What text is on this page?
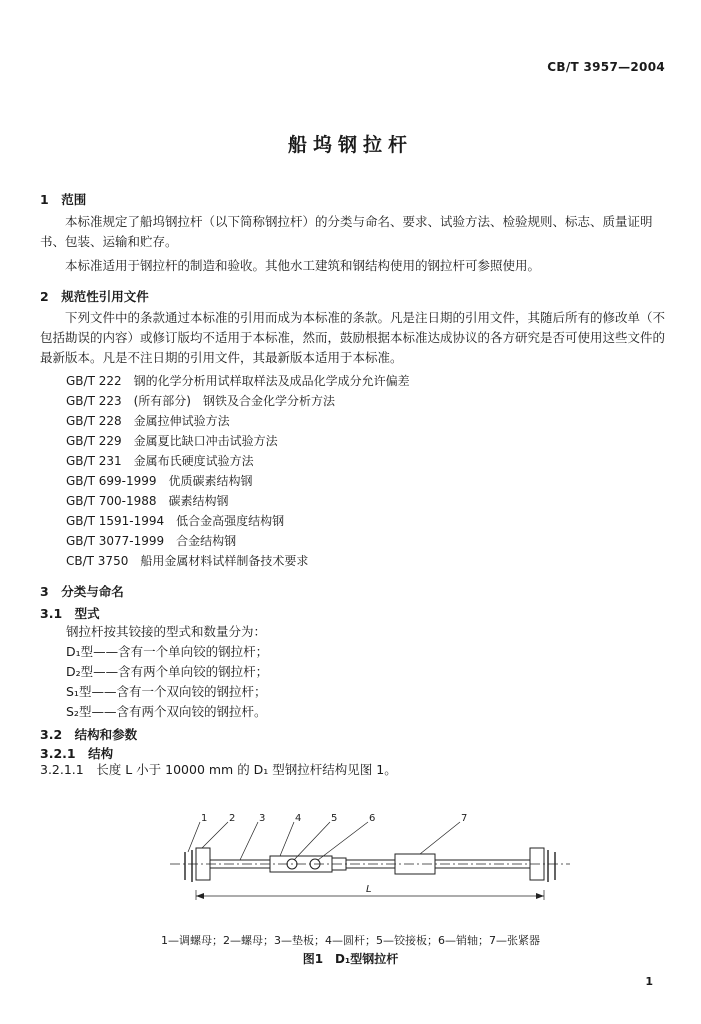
CB/T 3957—2004
船坞钢拉杆
1　 范围
本标准规定了船坞钢拉杆（以下简称钢拉杆）的分类与命名、要求、试验方法、检验规则、标志、质量证明书、包装、运输和贮存。
本标准适用于钢拉杆的制造和验收。其他水工建筑和钢结构使用的钢拉杆可参照使用。
2　 规范性引用文件
下列文件中的条款通过本标准的引用而成为本标准的条款。凡是注日期的引用文件，其随后所有的修改单（不包括勘误的内容）或修订版均不适用于本标准，然而，鼓励根据本标准达成协议的各方研究是否可使用这些文件的最新版本。凡是不注日期的引用文件，其最新版本适用于本标准。
GB/T 222　钢的化学分析用试样取样法及成品化学成分允许偏差
GB/T 223　(所有部分)　钢铁及合金化学分析方法
GB/T 228　金属拉伸试验方法
GB/T 229　金属夏比缺口冲击试验方法
GB/T 231　金属布氏硬度试验方法
GB/T 699-1999　优质碳素结构钢
GB/T 700-1988　碳素结构钢
GB/T 1591-1994　低合金高强度结构钢
GB/T 3077-1999　合金结构钢
CB/T 3750　船用金属材料试样制备技术要求
3　 分类与命名
3.1　 型式
钢拉杆按其铰接的型式和数量分为：
D₁型——含有一个单向铰的钢拉杆；
D₂型——含有两个单向铰的钢拉杆；
S₁型——含有一个双向铰的钢拉杆；
S₂型——含有两个双向铰的钢拉杆。
3.2　 结构和参数
3.2.1　 结构
3.2.1.1　 长度 L 小于 10000 mm 的 D₁ 型钢拉杆结构见图 1。
1 2 3	4	5	6	7
L
1—调螺母；2—螺母；3—垫板；4—圆杆；5—铰接板；6—销轴；7—张紧器
图1　D₁型钢拉杆
1
